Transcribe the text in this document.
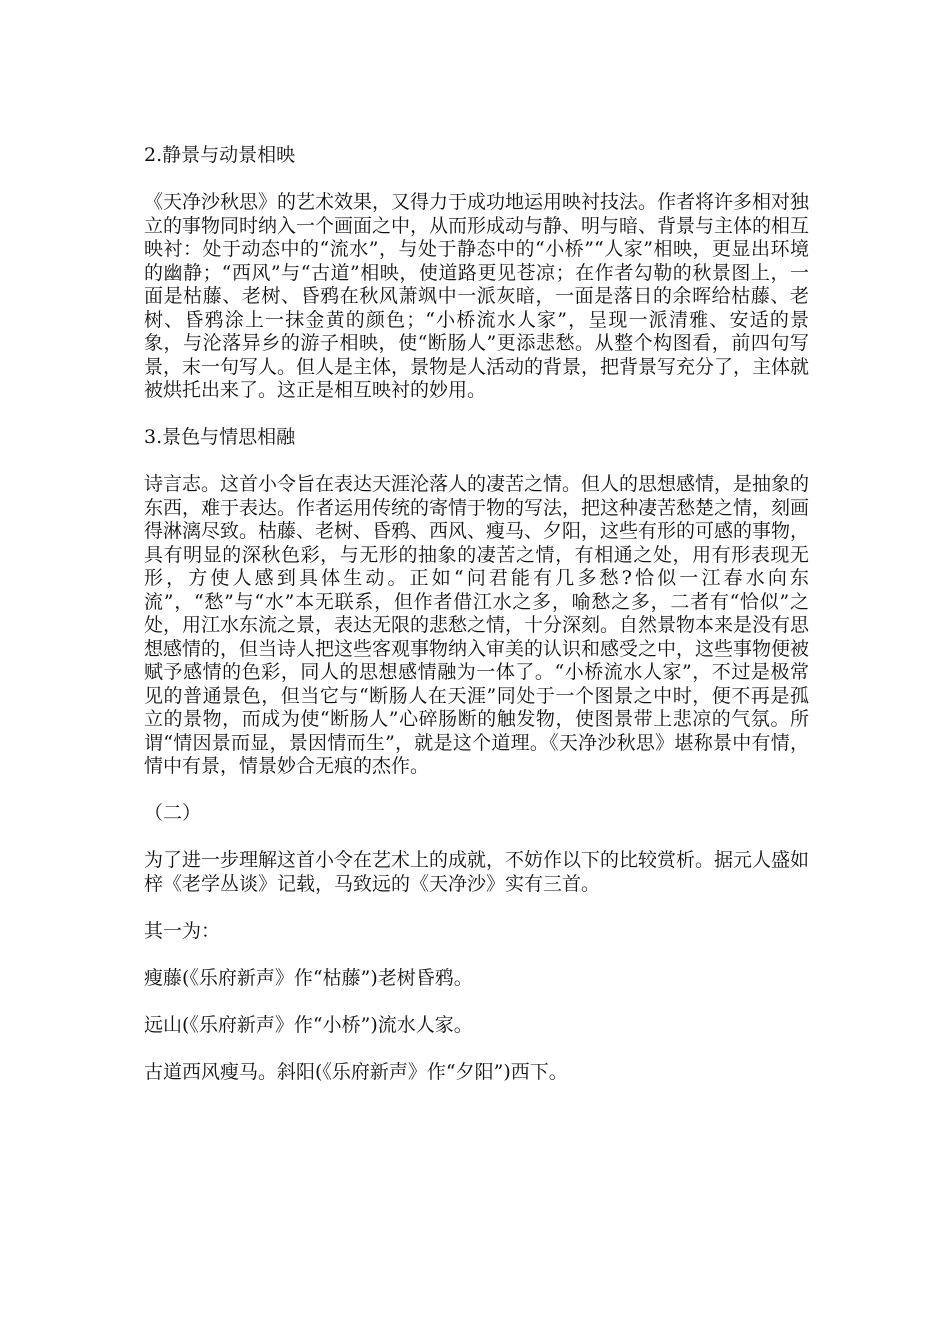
2.静景与动景相映

《天净沙秋思》的艺术效果，又得力于成功地运用映衬技法。作者将许多相对独立的事物同时纳入一个画面之中，从而形成动与静、明与暗、背景与主体的相互映衬：处于动态中的“流水”，与处于静态中的“小桥”“人家”相映，更显出环境的幽静；“西风”与“古道”相映，使道路更见苍凉；在作者勾勒的秋景图上，一面是枯藤、老树、昏鸦在秋风萧飒中一派灰暗，一面是落日的余晖给枯藤、老树、昏鸦涂上一抹金黄的颜色；“小桥流水人家”，呈现一派清雅、安适的景象，与沦落异乡的游子相映，使“断肠人”更添悲愁。从整个构图看，前四句写景，末一句写人。但人是主体，景物是人活动的背景，把背景写充分了，主体就被烘托出来了。这正是相互映衬的妙用。

3.景色与情思相融

诗言志。这首小令旨在表达天涯沦落人的凄苦之情。但人的思想感情，是抽象的东西，难于表达。作者运用传统的寄情于物的写法，把这种凄苦愁楚之情，刻画得淋漓尽致。枯藤、老树、昏鸦、西风、瘦马、夕阳，这些有形的可感的事物，具有明显的深秋色彩，与无形的抽象的凄苦之情，有相通之处，用有形表现无形，方使人感到具体生动。正如“问君能有几多愁?恰似一江春水向东流”，“愁”与“水”本无联系，但作者借江水之多，喻愁之多，二者有“恰似”之处，用江水东流之景，表达无限的悲愁之情，十分深刻。自然景物本来是没有思想感情的，但当诗人把这些客观事物纳入审美的认识和感受之中，这些事物便被赋予感情的色彩，同人的思想感情融为一体了。“小桥流水人家”，不过是极常见的普通景色，但当它与“断肠人在天涯”同处于一个图景之中时，便不再是孤立的景物，而成为使“断肠人”心碎肠断的触发物，使图景带上悲凉的气氛。所谓“情因景而显，景因情而生”，就是这个道理。《天净沙秋思》堪称景中有情，情中有景，情景妙合无痕的杰作。

（二）

为了进一步理解这首小令在艺术上的成就，不妨作以下的比较赏析。据元人盛如梓《老学丛谈》记载，马致远的《天净沙》实有三首。

其一为：

瘦藤(《乐府新声》作“枯藤”)老树昏鸦。

远山(《乐府新声》作“小桥”)流水人家。

古道西风瘦马。斜阳(《乐府新声》作“夕阳”)西下。
